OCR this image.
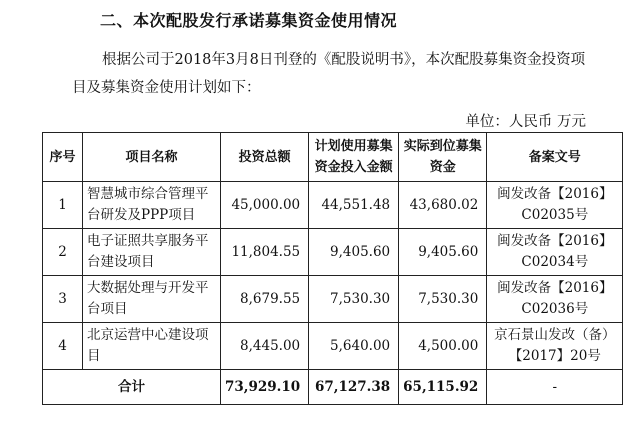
二、本次配股发行承诺募集资金使用情况
根据公司于2018年3月8日刊登的《配股说明书》，本次配股募集资金投资项目及募集资金使用计划如下：
单位：人民币 万元
序号	项目名称	投资总额	计划使用募集资金投入金额	实际到位募集资金	备案文号
1	智慧城市综合管理平台研发及PPP项目	45,000.00	44,551.48	43,680.02	闽发改备【2016】C02035号
2	电子证照共享服务平台建设项目	11,804.55	9,405.60	9,405.60	闽发改备【2016】C02034号
3	大数据处理与开发平台项目	8,679.55	7,530.30	7,530.30	闽发改备【2016】C02036号
4	北京运营中心建设项目	8,445.00	5,640.00	4,500.00	京石景山发改（备）【2017】20号
合计		73,929.10	67,127.38	65,115.92	-
